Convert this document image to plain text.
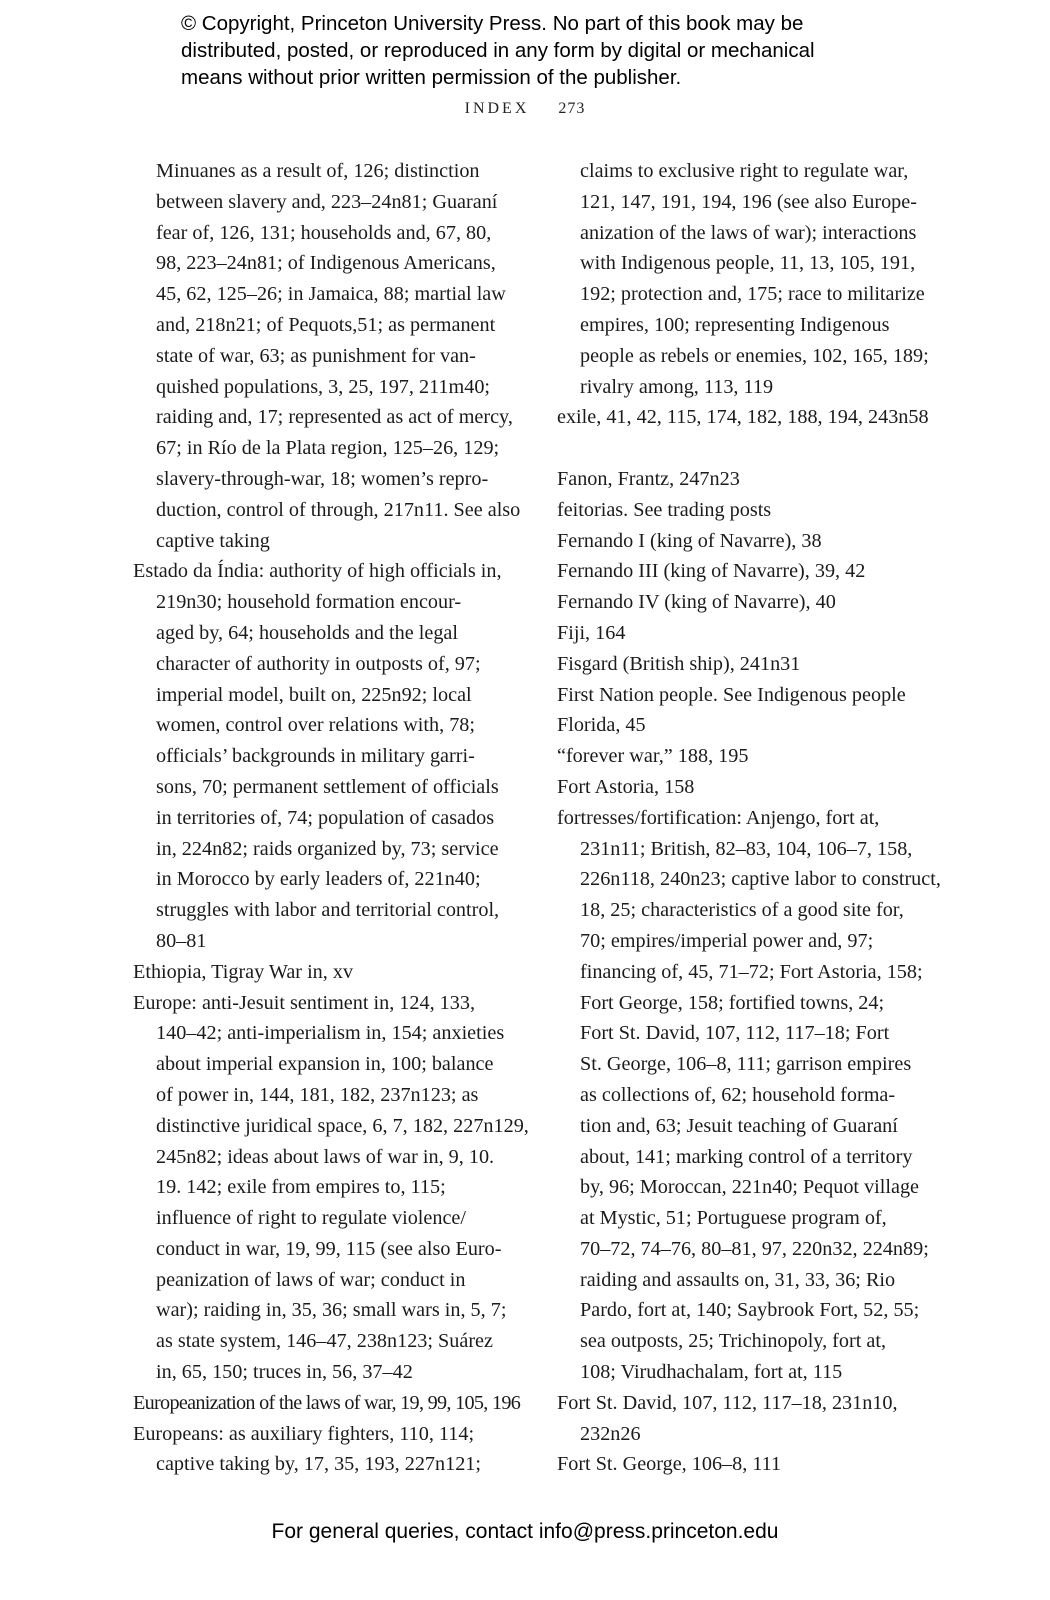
© Copyright, Princeton University Press. No part of this book may be
distributed, posted, or reproduced in any form by digital or mechanical
means without prior written permission of the publisher.
INDEX 273
Minuanes as a result of, 126; distinction
between slavery and, 223–24n81; Guaraní
fear of, 126, 131; households and, 67, 80,
98, 223–24n81; of Indigenous Americans,
45, 62, 125–26; in Jamaica, 88; martial law
and, 218n21; of Pequots,51; as permanent
state of war, 63; as punishment for van-
quished populations, 3, 25, 197, 211m40;
raiding and, 17; represented as act of mercy,
67; in Río de la Plata region, 125–26, 129;
slavery-through-war, 18; women’s repro-
duction, control of through, 217n11. See also
captive taking
Estado da Índia: authority of high officials in,
219n30; household formation encour-
aged by, 64; households and the legal
character of authority in outposts of, 97;
imperial model, built on, 225n92; local
women, control over relations with, 78;
officials’ backgrounds in military garri-
sons, 70; permanent settlement of officials
in territories of, 74; population of casados
in, 224n82; raids organized by, 73; service
in Morocco by early leaders of, 221n40;
struggles with labor and territorial control,
80–81
Ethiopia, Tigray War in, xv
Europe: anti-Jesuit sentiment in, 124, 133,
140–42; anti-imperialism in, 154; anxieties
about imperial expansion in, 100; balance
of power in, 144, 181, 182, 237n123; as
distinctive juridical space, 6, 7, 182, 227n129,
245n82; ideas about laws of war in, 9, 10.
19. 142; exile from empires to, 115;
influence of right to regulate violence/
conduct in war, 19, 99, 115 (see also Euro-
peanization of laws of war; conduct in
war); raiding in, 35, 36; small wars in, 5, 7;
as state system, 146–47, 238n123; Suárez
in, 65, 150; truces in, 56, 37–42
Europeanization of the laws of war, 19, 99, 105, 196
Europeans: as auxiliary fighters, 110, 114;
captive taking by, 17, 35, 193, 227n121;
claims to exclusive right to regulate war,
121, 147, 191, 194, 196 (see also Europe-
anization of the laws of war); interactions
with Indigenous people, 11, 13, 105, 191,
192; protection and, 175; race to militarize
empires, 100; representing Indigenous
people as rebels or enemies, 102, 165, 189;
rivalry among, 113, 119
exile, 41, 42, 115, 174, 182, 188, 194, 243n58
Fanon, Frantz, 247n23
feitorias. See trading posts
Fernando I (king of Navarre), 38
Fernando III (king of Navarre), 39, 42
Fernando IV (king of Navarre), 40
Fiji, 164
Fisgard (British ship), 241n31
First Nation people. See Indigenous people
Florida, 45
“forever war,” 188, 195
Fort Astoria, 158
fortresses/fortification: Anjengo, fort at,
231n11; British, 82–83, 104, 106–7, 158,
226n118, 240n23; captive labor to construct,
18, 25; characteristics of a good site for,
70; empires/imperial power and, 97;
financing of, 45, 71–72; Fort Astoria, 158;
Fort George, 158; fortified towns, 24;
Fort St. David, 107, 112, 117–18; Fort
St. George, 106–8, 111; garrison empires
as collections of, 62; household forma-
tion and, 63; Jesuit teaching of Guaraní
about, 141; marking control of a territory
by, 96; Moroccan, 221n40; Pequot village
at Mystic, 51; Portuguese program of,
70–72, 74–76, 80–81, 97, 220n32, 224n89;
raiding and assaults on, 31, 33, 36; Rio
Pardo, fort at, 140; Saybrook Fort, 52, 55;
sea outposts, 25; Trichinopoly, fort at,
108; Virudhachalam, fort at, 115
Fort St. David, 107, 112, 117–18, 231n10,
232n26
Fort St. George, 106–8, 111
For general queries, contact info@press.princeton.edu
